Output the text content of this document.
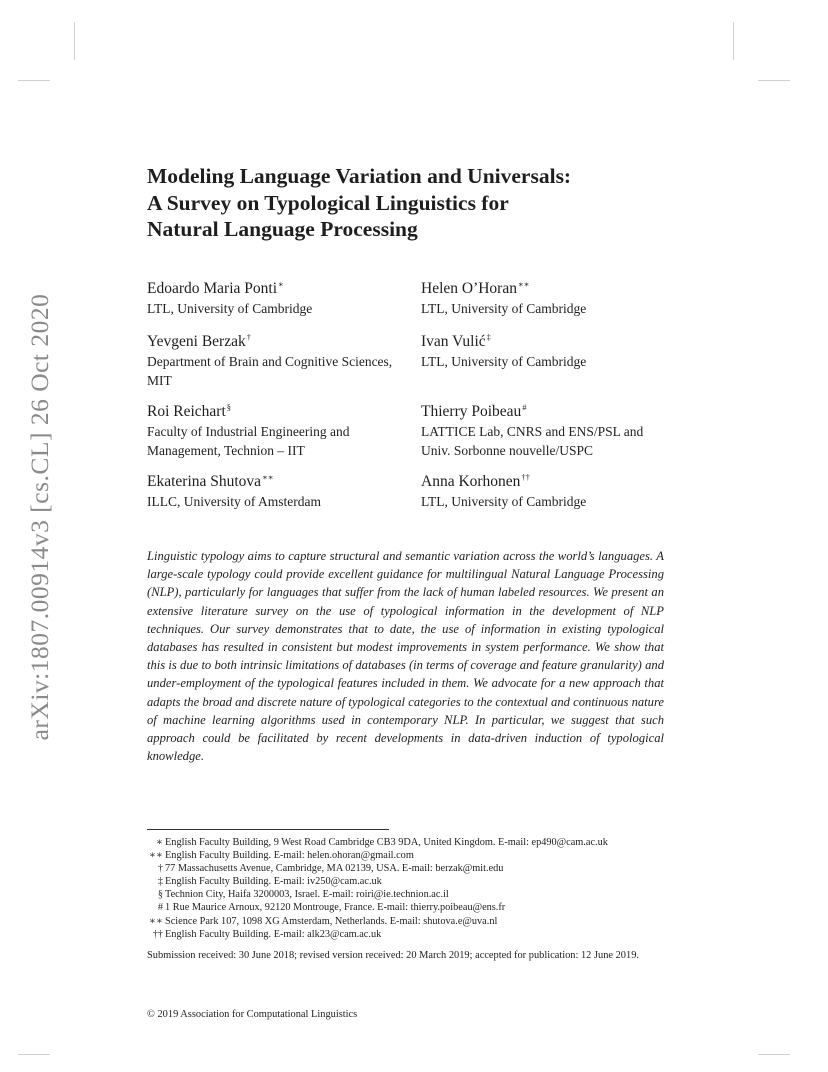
arXiv:1807.00914v3 [cs.CL] 26 Oct 2020
Modeling Language Variation and Universals:
A Survey on Typological Linguistics for
Natural Language Processing
Edoardo Maria Ponti∗
LTL, University of Cambridge
Yevgeni Berzak†
Department of Brain and Cognitive Sciences, MIT
Roi Reichart§
Faculty of Industrial Engineering and Management, Technion – IIT
Ekaterina Shutova∗∗
ILLC, University of Amsterdam
Helen O’Horan∗∗
LTL, University of Cambridge
Ivan Vulić‡
LTL, University of Cambridge
Thierry Poibeau#
LATTICE Lab, CNRS and ENS/PSL and Univ. Sorbonne nouvelle/USPC
Anna Korhonen††
LTL, University of Cambridge
Linguistic typology aims to capture structural and semantic variation across the world’s languages. A large-scale typology could provide excellent guidance for multilingual Natural Language Processing (NLP), particularly for languages that suffer from the lack of human labeled resources. We present an extensive literature survey on the use of typological information in the development of NLP techniques. Our survey demonstrates that to date, the use of information in existing typological databases has resulted in consistent but modest improvements in system performance. We show that this is due to both intrinsic limitations of databases (in terms of coverage and feature granularity) and under-employment of the typological features included in them. We advocate for a new approach that adapts the broad and discrete nature of typological categories to the contextual and continuous nature of machine learning algorithms used in contemporary NLP. In particular, we suggest that such approach could be facilitated by recent developments in data-driven induction of typological knowledge.
∗ English Faculty Building, 9 West Road Cambridge CB3 9DA, United Kingdom. E-mail: ep490@cam.ac.uk
∗∗ English Faculty Building. E-mail: helen.ohoran@gmail.com
† 77 Massachusetts Avenue, Cambridge, MA 02139, USA. E-mail: berzak@mit.edu
‡ English Faculty Building. E-mail: iv250@cam.ac.uk
§ Technion City, Haifa 3200003, Israel. E-mail: roiri@ie.technion.ac.il
# 1 Rue Maurice Arnoux, 92120 Montrouge, France. E-mail: thierry.poibeau@ens.fr
∗∗ Science Park 107, 1098 XG Amsterdam, Netherlands. E-mail: shutova.e@uva.nl
†† English Faculty Building. E-mail: alk23@cam.ac.uk
Submission received: 30 June 2018; revised version received: 20 March 2019; accepted for publication: 12 June 2019.
© 2019 Association for Computational Linguistics
